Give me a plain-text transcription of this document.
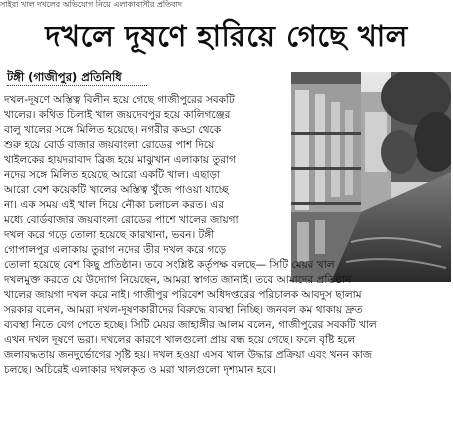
সাইরা খাল দখলের অভিযোগ নিয়ে এলাকাবাসীর প্রতিবাদ
দখলে দূষণে হারিয়ে গেছে খাল
টঙ্গী (গাজীপুর) প্রতিনিধি
দখল-দূষণে অস্তিত্ব বিলীন হয়ে গেছে গাজীপুরের সবকটি
খালের। কথিত চিলাই খাল জয়দেবপুর হয়ে কালিগঞ্জের
বালু খালের সঙ্গে মিলিত হয়েছে। নগরীর কড্ডা থেকে
শুরু হয়ে বোর্ড বাজার জয়বাংলা রোডের পাশ দিয়ে
খাইলকের হায়দরাবাদ ব্রিজ হয়ে মাঝুখান এলাকায় তুরাগ
নদের সঙ্গে মিলিত হয়েছে আরো একটি খাল। এছাড়া
আরো বেশ কয়েকটি খালের অস্তিত্ব খুঁজে পাওয়া যাচ্ছে
না। এক সময় এই খাল দিয়ে নৌকা চলাচল করত। এর
মধ্যে বোর্ডবাজার জয়বাংলা রোডের পাশে খালের জায়গা
দখল করে গড়ে তোলা হয়েছে কারখানা, ভবন। টঙ্গী
গোপালপুর এলাকায় তুরাগ নদের তীর দখল করে গড়ে
তোলা হয়েছে বেশ কিছু প্রতিষ্ঠান। তবে সংশ্লিষ্ট কর্তৃপক্ষ বলছে— সিটি মেয়র খাল
দখলমুক্ত করতে যে উদ্যোগ নিয়েছেন, আমরা স্বাগত জানাই। তবে আমাদের প্রতিষ্ঠান
খালের জায়গা দখল করে নাই। গাজীপুর পরিবেশ অধিদপ্তরের পরিচালক আবদুস ছালাম
সরকার বলেন, আমরা দখল-দূষণকারীদের বিরুদ্ধে ব্যবস্থা নিচ্ছি। জনবল কম থাকায় দ্রুত
ব্যবস্থা নিতে বেগ পেতে হচ্ছে। সিটি মেয়র জাহাঙ্গীর আলম বলেন, গাজীপুরের সবকটি খাল
এখন দখল দূষণে ভরা। দখলের কারণে খালগুলো প্রায় বন্ধ হয়ে গেছে। ফলে বৃষ্টি হলে
জলাবদ্ধতায় জনদুর্ভোগের সৃষ্টি হয়। দখল হওয়া এসব খাল উদ্ধার প্রক্রিয়া এবং খনন কাজ
চলছে। অচিরেই এলাকার দখলকৃত ও মরা খালগুলো দৃশ্যমান হবে।
